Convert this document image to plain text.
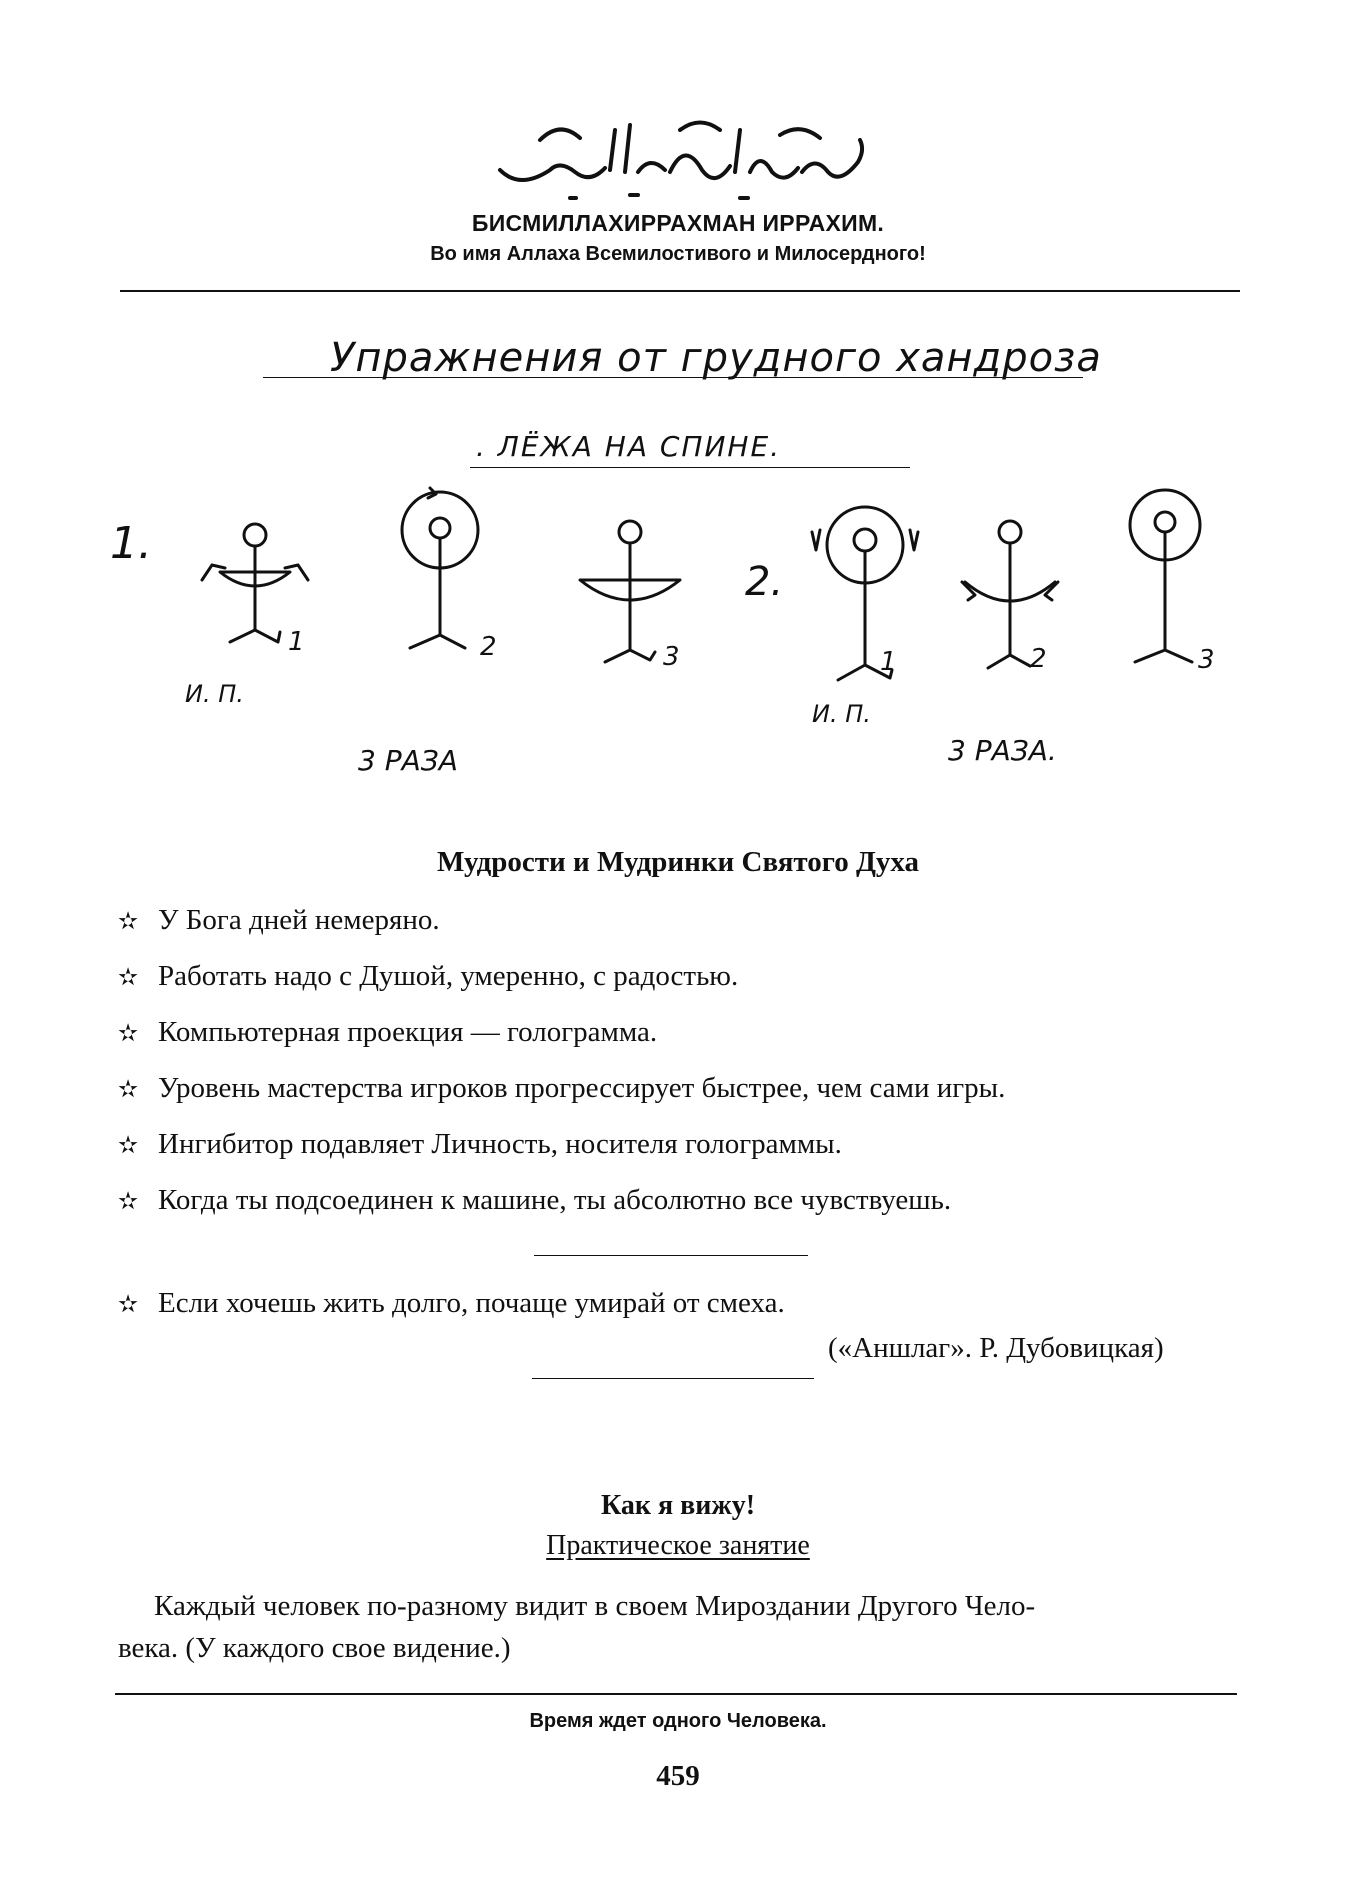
БИСМИЛЛАХИРРАХМАН ИРРАХИМ.
Во имя Аллаха Всемилостивого и Милосердного!
Упражнения от грудного хандроза
. ЛЁЖА НА СПИНЕ.
1.
1	2	3
И. П.
3 РАЗА
2.
1	2	3
И. П.
3 РАЗА.
Мудрости и Мудринки Святого Духа
✫ У Бога дней немеряно.
✫ Работать надо с Душой, умеренно, с радостью.
✫ Компьютерная проекция — голограмма.
✫ Уровень мастерства игроков прогрессирует быстрее, чем сами игры.
✫ Ингибитор подавляет Личность, носителя голограммы.
✫ Когда ты подсоединен к машине, ты абсолютно все чувствуешь.
✫ Если хочешь жить долго, почаще умирай от смеха.
(«Аншлаг». Р. Дубовицкая)
Как я вижу!
Практическое занятие
Каждый человек по-разному видит в своем Мироздании Другого Чело-
века. (У каждого свое видение.)
Время ждет одного Человека.
459
